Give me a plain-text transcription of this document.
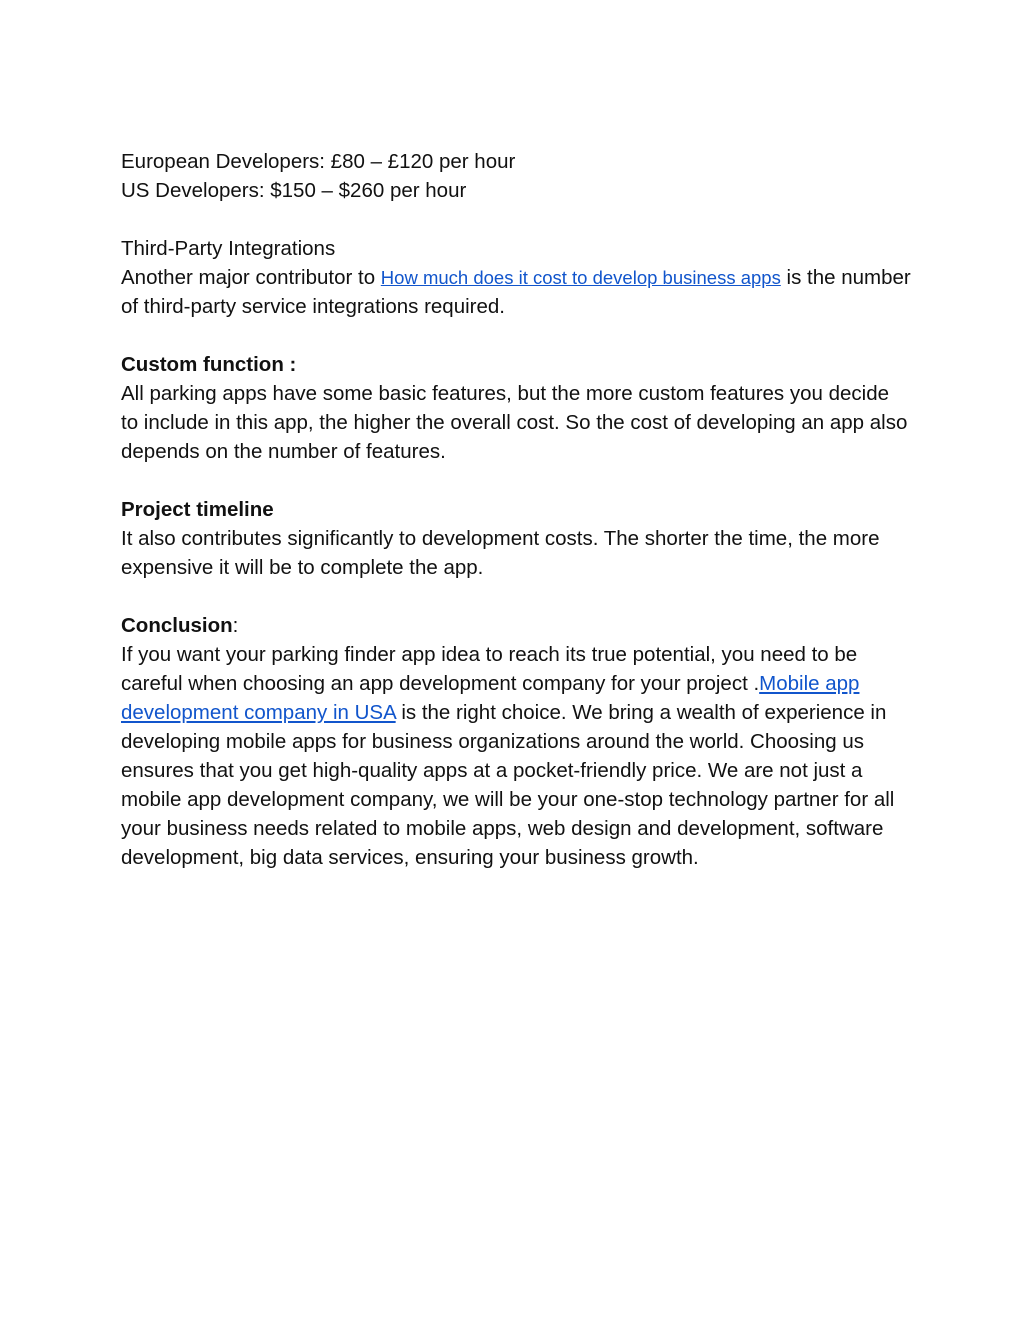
European Developers: £80 – £120 per hour

US Developers: $150 – $260 per hour

Third-Party Integrations

Another major contributor to How much does it cost to develop business apps is the number of third-party service integrations required.

Custom function :

All parking apps have some basic features, but the more custom features you decide to include in this app, the higher the overall cost. So the cost of developing an app also depends on the number of features.

Project timeline

It also contributes significantly to development costs. The shorter the time, the more expensive it will be to complete the app.

Conclusion:

If you want your parking finder app idea to reach its true potential, you need to be careful when choosing an app development company for your project .Mobile app development company in USA is the right choice. We bring a wealth of experience in developing mobile apps for business organizations around the world. Choosing us ensures that you get high-quality apps at a pocket-friendly price. We are not just a mobile app development company, we will be your one-stop technology partner for all your business needs related to mobile apps, web design and development, software development, big data services, ensuring your business growth.
